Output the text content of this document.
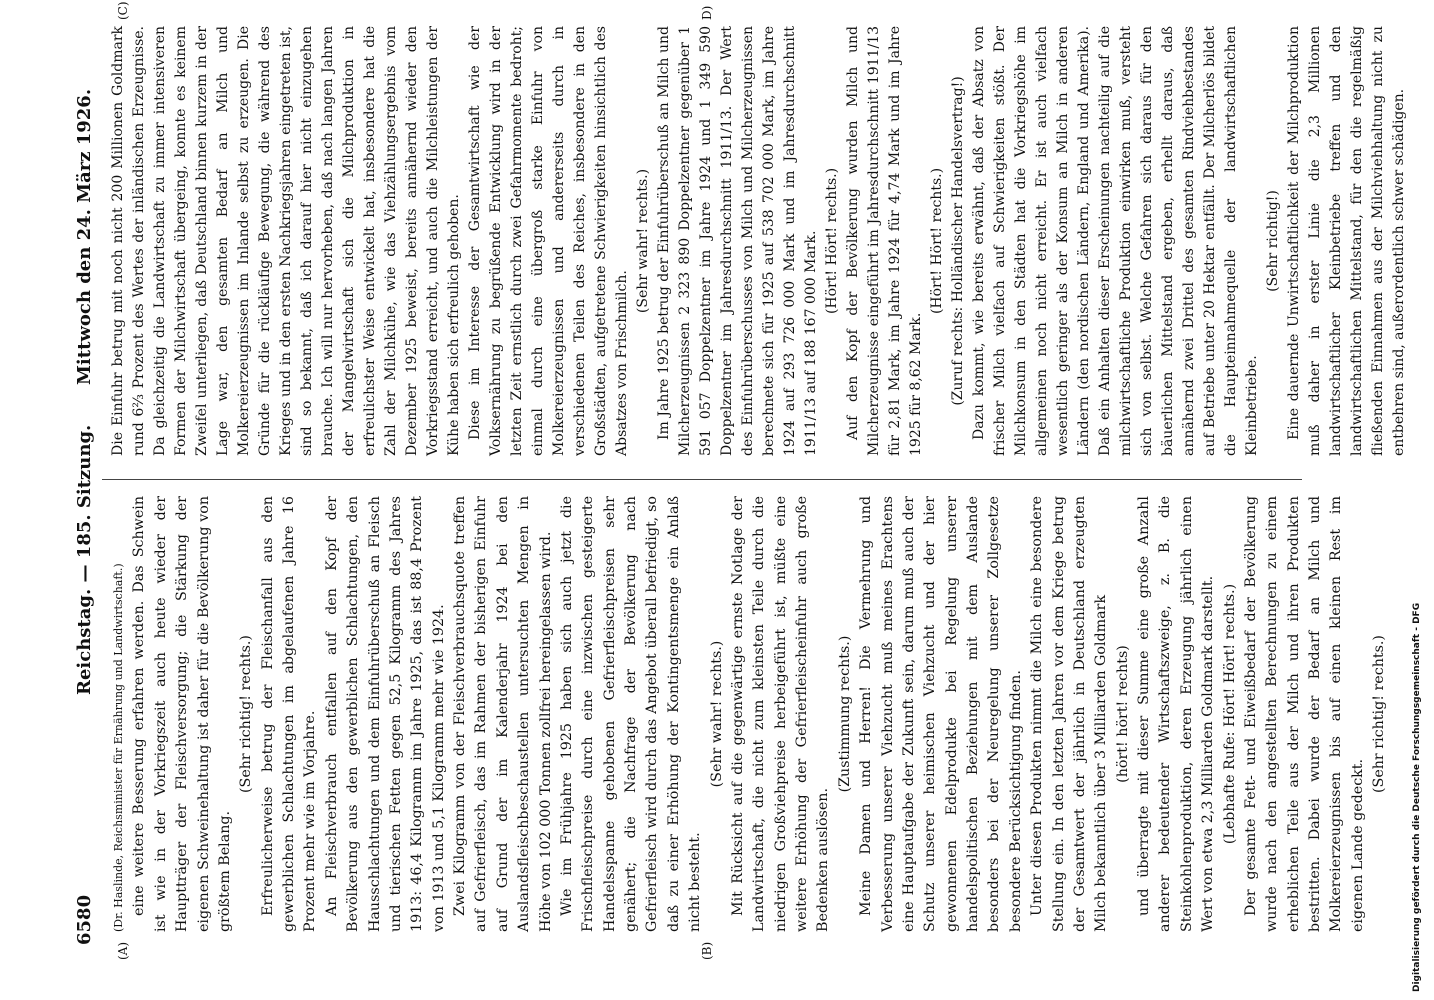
6580
Reichstag. — 185. Sitzung.
Mittwoch den 24. März 1926.
(A)	(B)
(C)	D)

(Dr. Haslinde, Reichsminister für Ernährung und Landwirtschaft.) eine weitere Besserung erfahren werden. Das Schwein ist wie in der Vorkriegszeit auch heute wieder der Hauptträger der Fleischversorgung; die Stärkung der eigenen Schweinehaltung ist daher für die Bevölkerung von größtem Belang.

(Sehr richtig! rechts.) Erfreulicherweise betrug der Fleischanfall aus den gewerblichen Schlachtungen im abgelaufenen Jahre 16 Prozent mehr wie im Vorjahre. An Fleischverbrauch entfallen auf den Kopf der Bevölkerung aus den gewerblichen Schlachtungen, den Hausschlachtungen und dem Einfuhrüberschuß an Fleisch und tierischen Fetten gegen 52,5 Kilogramm des Jahres 1913: 46,4 Kilogramm im Jahre 1925, das ist 88,4 Prozent von 1913 und 5,1 Kilogramm mehr wie 1924. Zwei Kilogramm von der Fleischverbrauchsquote treffen auf Gefrierfleisch, das im Rahmen der bisherigen Einfuhr auf Grund der im Kalenderjahr 1924 bei den Auslandsfleischbeschaustellen untersuchten Mengen in Höhe von 102 000 Tonnen zollfrei hereingelassen wird. Wie im Frühjahre 1925 haben sich auch jetzt die Frischfleischpreise durch eine inzwischen gesteigerte Handelsspanne gehobenen Gefrierfleischpreisen sehr genähert; die Nachfrage der Bevölkerung nach Gefrierfleisch wird durch das Angebot überall befriedigt, so daß zu einer Erhöhung der Kontingentsmenge ein Anlaß nicht besteht.

(Sehr wahr! rechts.) Mit Rücksicht auf die gegenwärtige ernste Notlage der Landwirtschaft, die nicht zum kleinsten Teile durch die niedrigen Großviehpreise herbeigeführt ist, müßte eine weitere Erhöhung der Gefrierfleischeinfuhr auch große Bedenken auslösen.

(Zustimmung rechts.) Meine Damen und Herren! Die Vermehrung und Verbesserung unserer Viehzucht muß meines Erachtens eine Hauptaufgabe der Zukunft sein, darum muß auch der Schutz unserer heimischen Viehzucht und der hier gewonnenen Edelprodukte bei Regelung unserer handelspolitischen Beziehungen mit dem Auslande besonders bei der Neuregelung unserer Zollgesetze besondere Berücksichtigung finden. Unter diesen Produkten nimmt die Milch eine besondere Stellung ein. In den letzten Jahren vor dem Kriege betrug der Gesamtwert der jährlich in Deutschland erzeugten Milch bekanntlich über 3 Milliarden Goldmark (hört! hört! rechts) und überragte mit dieser Summe eine große Anzahl anderer bedeutender Wirtschaftszweige, z. B. die Steinkohlenproduktion, deren Erzeugung jährlich einen Wert von etwa 2,3 Milliarden Goldmark darstellt. (Lebhafte Rufe: Hört! Hört! rechts.) Der gesamte Fett- und Eiweißbedarf der Bevölkerung wurde nach den angestellten Berechnungen zu einem erheblichen Teile aus der Milch und ihren Produkten bestritten. Dabei wurde der Bedarf an Milch und Molkereierzeugnissen bis auf einen kleinen Rest im eigenen Lande gedeckt.

(Sehr richtig! rechts.)

Die Einfuhr betrug mit noch nicht 200 Millionen Goldmark rund 6⅔ Prozent des Wertes der inländischen Erzeugnisse. Da gleichzeitig die Landwirtschaft zu immer intensiveren Formen der Milchwirtschaft übergeing, konnte es keinem Zweifel unterliegen, daß Deutschland binnen kurzem in der Lage war, den gesamten Bedarf an Milch und Molkereierzeugnissen im Inlande selbst zu erzeugen. Die Gründe für die rückläufige Bewegung, die während des Krieges und in den ersten Nachkriegsjahren eingetreten ist, sind so bekannt, daß ich darauf hier nicht einzugehen brauche. Ich will nur hervorheben, daß nach langen Jahren der Mangelwirtschaft sich die Milchproduktion in erfreulichster Weise entwickelt hat, insbesondere hat die Zahl der Milchkühe, wie das Viehzählungsergebnis vom Dezember 1925 beweist, bereits annähernd wieder den Vorkriegsstand erreicht, und auch die Milchleistungen der Kühe haben sich erfreulich gehoben. Diese im Interesse der Gesamtwirtschaft wie der Volksernährung zu begrüßende Entwicklung wird in der letzten Zeit ernstlich durch zwei Gefahrmomente bedroht; einmal durch eine übergroß starke Einfuhr von Molkereierzeugnissen und andererseits durch in verschiedenen Teilen des Reiches, insbesondere in den Großstädten, aufgetretene Schwierigkeiten hinsichtlich des Absatzes von Frischmilch.

(Sehr wahr! rechts.) Im Jahre 1925 betrug der Einfuhrüberschuß an Milch und Milcherzeugnissen 2 323 890 Doppelzentner gegenüber 1 591 057 Doppelzentner im Jahre 1924 und 1 349 590 Doppelzentner im Jahresdurchschnitt 1911/13. Der Wert des Einfuhrüberschusses von Milch und Milcherzeugnissen berechnete sich für 1925 auf 538 702 000 Mark, im Jahre 1924 auf 293 726 000 Mark und im Jahresdurchschnitt 1911/13 auf 188 167 000 Mark. (Hört! Hört! rechts.) Auf den Kopf der Bevölkerung wurden Milch und Milcherzeugnisse eingeführt im Jahresdurchschnitt 1911/13 für 2,81 Mark, im Jahre 1924 für 4,74 Mark und im Jahre 1925 für 8,62 Mark.

(Hört! Hört! rechts.) (Zuruf rechts: Holländischer Handelsvertrag!) Dazu kommt, wie bereits erwähnt, daß der Absatz von frischer Milch vielfach auf Schwierigkeiten stößt. Der Milchkonsum in den Städten hat die Vorkriegshöhe im allgemeinen noch nicht erreicht. Er ist auch vielfach wesentlich geringer als der Konsum an Milch in anderen Ländern (den nordischen Ländern, England und Amerika). Daß ein Anhalten dieser Erscheinungen nachteilig auf die milchwirtschaftliche Produktion einwirken muß, versteht sich von selbst. Welche Gefahren sich daraus für den bäuerlichen Mittelstand ergeben, erhellt daraus, daß annähernd zwei Drittel des gesamten Rindviehbestandes auf Betriebe unter 20 Hektar entfällt. Der Milcherlös bildet die Haupteinnahmequelle der landwirtschaftlichen Kleinbetriebe.

(Sehr richtig!) Eine dauernde Unwirtschaftlichkeit der Milchproduktion muß daher in erster Linie die 2,3 Millionen landwirtschaftlicher Kleinbetriebe treffen und den landwirtschaftlichen Mittelstand, für den die regelmäßig fließenden Einnahmen aus der Milchviehhaltung nicht zu entbehren sind, außerordentlich schwer schädigen.

Digitalisierung gefördert durch die Deutsche Forschungsgemeinschaft - DFG
